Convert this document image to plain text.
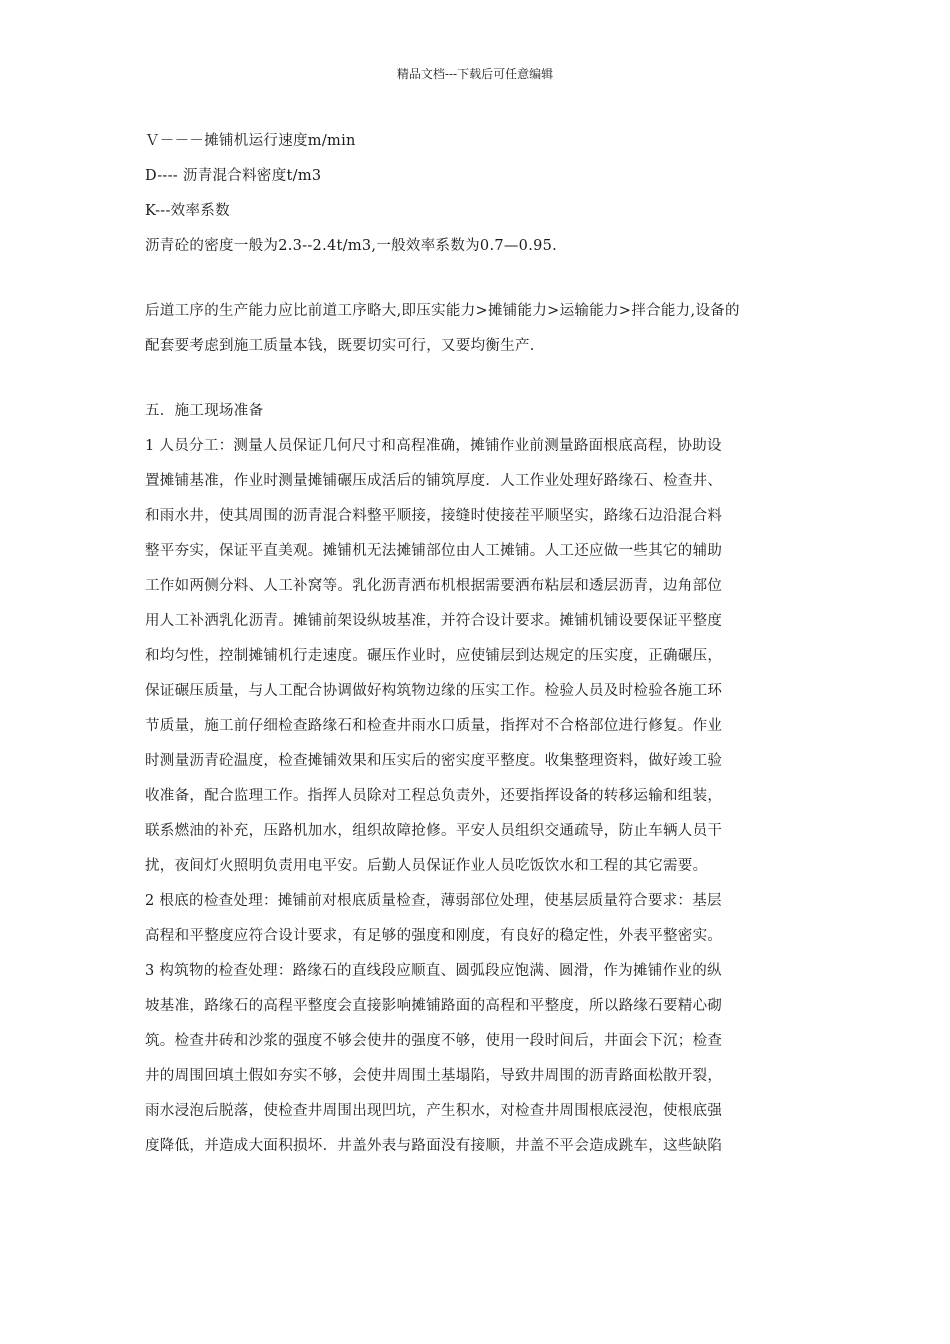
精品文档---下载后可任意编辑
Ｖ－－－摊铺机运行速度m/min
D---- 沥青混合料密度t/m3
K---效率系数
沥青砼的密度一般为2.3--2.4t/m3,一般效率系数为0.7—0.95.
后道工序的生产能力应比前道工序略大,即压实能力>摊铺能力>运输能力>拌合能力,设备的
配套要考虑到施工质量本钱，既要切实可行，又要均衡生产.
五．施工现场准备
1 人员分工：测量人员保证几何尺寸和高程准确，摊铺作业前测量路面根底高程，协助设
置摊铺基准，作业时测量摊铺碾压成活后的铺筑厚度．人工作业处理好路缘石、检查井、
和雨水井，使其周围的沥青混合料整平顺接，接缝时使接茬平顺坚实，路缘石边沿混合料
整平夯实，保证平直美观。摊铺机无法摊铺部位由人工摊铺。人工还应做一些其它的辅助
工作如两侧分料、人工补窝等。乳化沥青洒布机根据需要洒布粘层和透层沥青，边角部位
用人工补洒乳化沥青。摊铺前架设纵坡基准，并符合设计要求。摊铺机铺设要保证平整度
和均匀性，控制摊铺机行走速度。碾压作业时，应使铺层到达规定的压实度，正确碾压，
保证碾压质量，与人工配合协调做好构筑物边缘的压实工作。检验人员及时检验各施工环
节质量，施工前仔细检查路缘石和检查井雨水口质量，指挥对不合格部位进行修复。作业
时测量沥青砼温度，检查摊铺效果和压实后的密实度平整度。收集整理资料，做好竣工验
收准备，配合监理工作。指挥人员除对工程总负责外，还要指挥设备的转移运输和组装，
联系燃油的补充，压路机加水，组织故障抢修。平安人员组织交通疏导，防止车辆人员干
扰，夜间灯火照明负责用电平安。后勤人员保证作业人员吃饭饮水和工程的其它需要。
2 根底的检查处理：摊铺前对根底质量检查，薄弱部位处理，使基层质量符合要求：基层
高程和平整度应符合设计要求，有足够的强度和刚度，有良好的稳定性，外表平整密实。
3 构筑物的检查处理：路缘石的直线段应顺直、圆弧段应饱满、圆滑，作为摊铺作业的纵
坡基准，路缘石的高程平整度会直接影响摊铺路面的高程和平整度，所以路缘石要精心砌
筑。检查井砖和沙浆的强度不够会使井的强度不够，使用一段时间后，井面会下沉；检查
井的周围回填土假如夯实不够，会使井周围土基塌陷，导致井周围的沥青路面松散开裂，
雨水浸泡后脱落，使检查井周围出现凹坑，产生积水，对检查井周围根底浸泡，使根底强
度降低，并造成大面积损坏．井盖外表与路面没有接顺，井盖不平会造成跳车，这些缺陷
